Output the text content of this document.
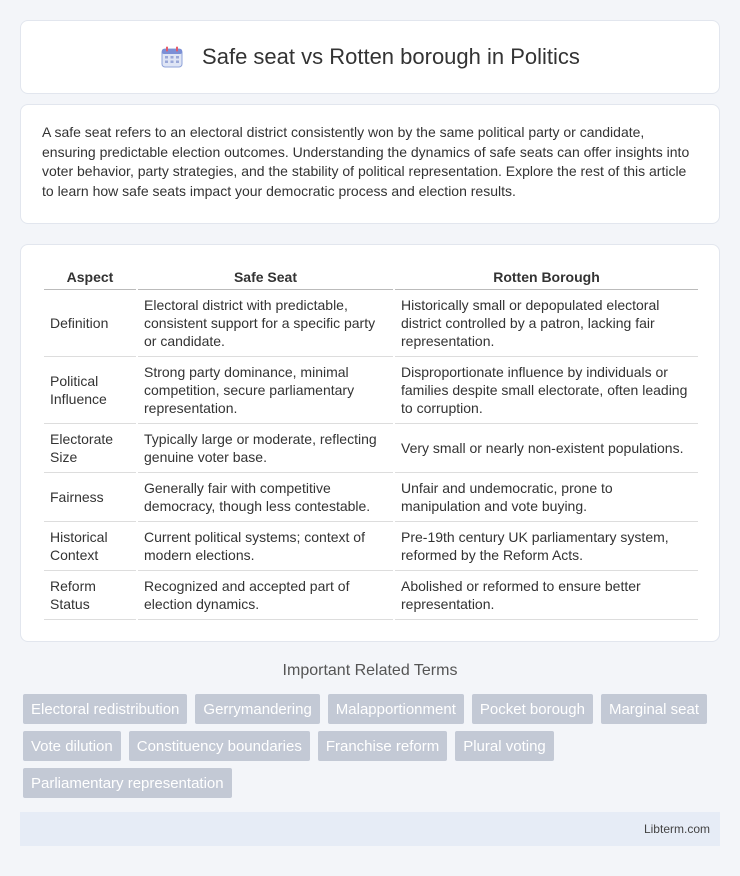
Safe seat vs Rotten borough in Politics

A safe seat refers to an electoral district consistently won by the same political party or candidate, ensuring predictable election outcomes. Understanding the dynamics of safe seats can offer insights into voter behavior, party strategies, and the stability of political representation. Explore the rest of this article to learn how safe seats impact your democratic process and election results.

Aspect	Safe Seat	Rotten Borough
Definition	Electoral district with predictable, consistent support for a specific party or candidate.	Historically small or depopulated electoral district controlled by a patron, lacking fair representation.
Political Influence	Strong party dominance, minimal competition, secure parliamentary representation.	Disproportionate influence by individuals or families despite small electorate, often leading to corruption.
Electorate Size	Typically large or moderate, reflecting genuine voter base.	Very small or nearly non-existent populations.
Fairness	Generally fair with competitive democracy, though less contestable.	Unfair and undemocratic, prone to manipulation and vote buying.
Historical Context	Current political systems; context of modern elections.	Pre-19th century UK parliamentary system, reformed by the Reform Acts.
Reform Status	Recognized and accepted part of election dynamics.	Abolished or reformed to ensure better representation.
Important Related Terms
Electoral redistribution	Gerrymandering	Malapportionment	Pocket borough	Marginal seat
Vote dilution	Constituency boundaries	Franchise reform	Plural voting
Parliamentary representation
Libterm.com
